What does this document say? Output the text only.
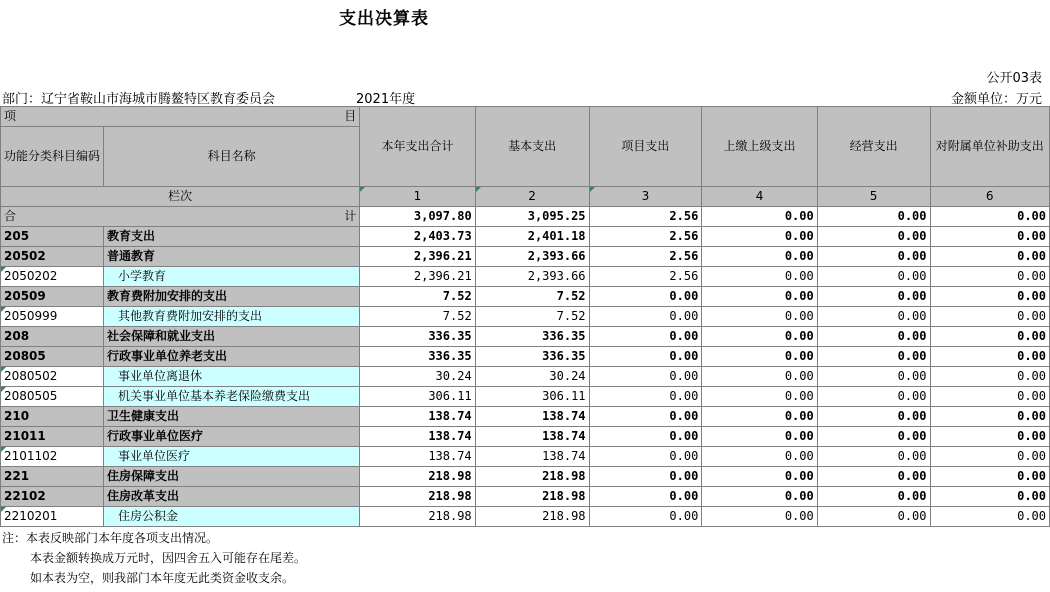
支出决算表
公开03表
部门：辽宁省鞍山市海城市腾鳌特区教育委员会	2021年度	金额单位：万元
项 目		本年支出合计	基本支出	项目支出	上缴上级支出	经营支出	对附属单位补助支出
功能分类科目编码	科目名称						
栏次		1	2	3	4	5	6

合 计		3,097.80	3,095.25	2.56	0.00	0.00	0.00
205	教育支出	2,403.73	2,401.18	2.56	0.00	0.00	0.00
20502	普通教育	2,396.21	2,393.66	2.56	0.00	0.00	0.00
2050202	小学教育	2,396.21	2,393.66	2.56	0.00	0.00	0.00
20509	教育费附加安排的支出	7.52	7.52	0.00	0.00	0.00	0.00
2050999	其他教育费附加安排的支出	7.52	7.52	0.00	0.00	0.00	0.00
208	社会保障和就业支出	336.35	336.35	0.00	0.00	0.00	0.00
20805	行政事业单位养老支出	336.35	336.35	0.00	0.00	0.00	0.00
2080502	事业单位离退休	30.24	30.24	0.00	0.00	0.00	0.00
2080505	机关事业单位基本养老保险缴费支出	306.11	306.11	0.00	0.00	0.00	0.00
210	卫生健康支出	138.74	138.74	0.00	0.00	0.00	0.00
21011	行政事业单位医疗	138.74	138.74	0.00	0.00	0.00	0.00
2101102	事业单位医疗	138.74	138.74	0.00	0.00	0.00	0.00
221	住房保障支出	218.98	218.98	0.00	0.00	0.00	0.00
22102	住房改革支出	218.98	218.98	0.00	0.00	0.00	0.00
2210201	住房公积金	218.98	218.98	0.00	0.00	0.00	0.00
注：本表反映部门本年度各项支出情况。
本表金额转换成万元时，因四舍五入可能存在尾差。
如本表为空，则我部门本年度无此类资金收支余。
